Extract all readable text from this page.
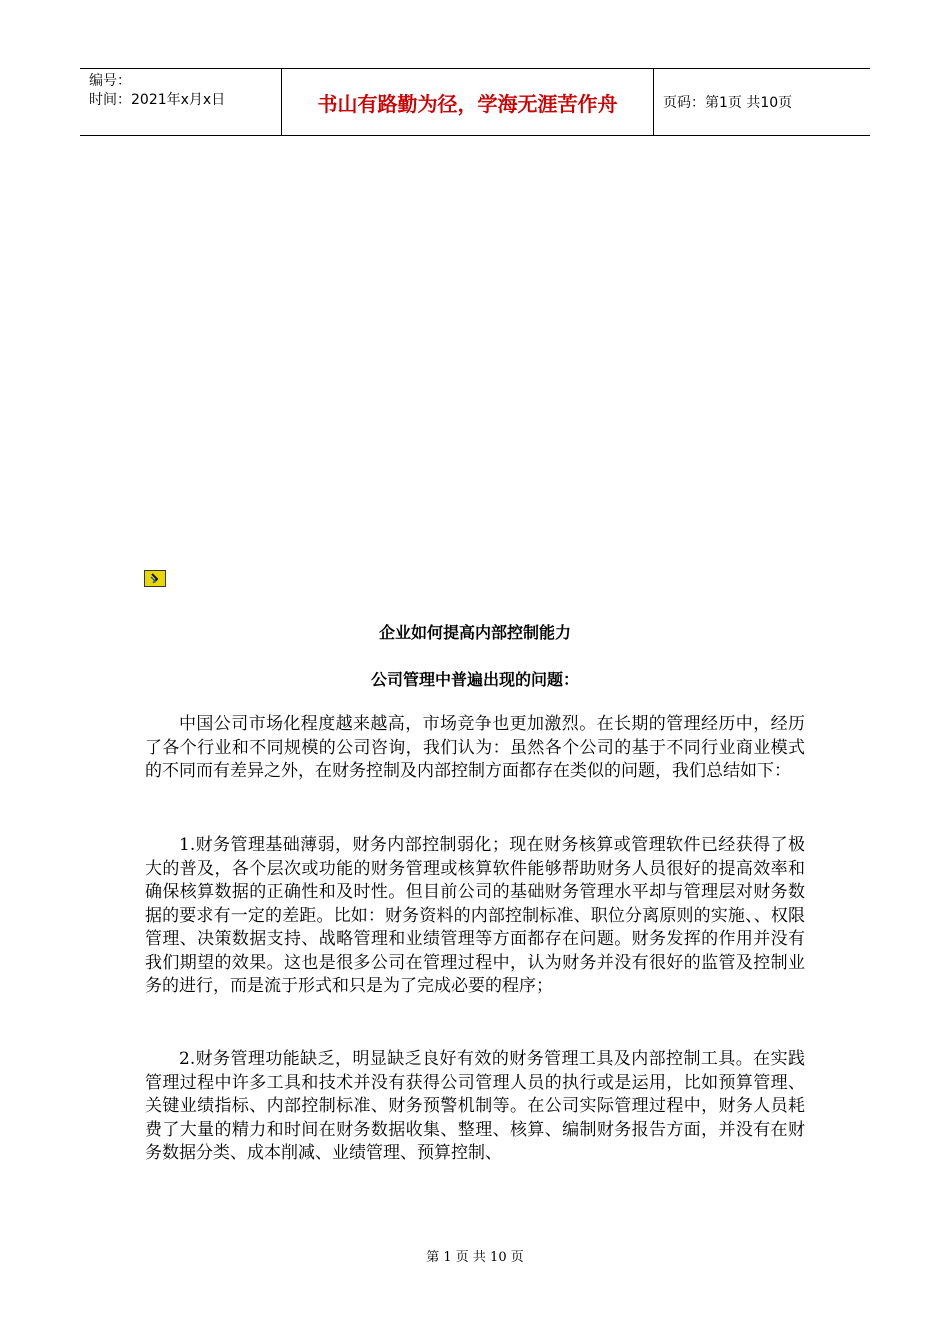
编号：
时间：2021年x月x日	书山有路勤为径，学海无涯苦作舟	页码：第1页 共10页
企业如何提高内部控制能力
公司管理中普遍出现的问题：

中国公司市场化程度越来越高，市场竞争也更加激烈。在长期的管理经历中，经历了各个行业和不同规模的公司咨询，我们认为：虽然各个公司的基于不同行业商业模式的不同而有差异之外，在财务控制及内部控制方面都存在类似的问题，我们总结如下：

1.财务管理基础薄弱，财务内部控制弱化；现在财务核算或管理软件已经获得了极大的普及，各个层次或功能的财务管理或核算软件能够帮助财务人员很好的提高效率和确保核算数据的正确性和及时性。但目前公司的基础财务管理水平却与管理层对财务数据的要求有一定的差距。比如：财务资料的内部控制标准、职位分离原则的实施、、权限管理、决策数据支持、战略管理和业绩管理等方面都存在问题。财务发挥的作用并没有我们期望的效果。这也是很多公司在管理过程中，认为财务并没有很好的监管及控制业务的进行，而是流于形式和只是为了完成必要的程序；

2.财务管理功能缺乏，明显缺乏良好有效的财务管理工具及内部控制工具。在实践管理过程中许多工具和技术并没有获得公司管理人员的执行或是运用，比如预算管理、关键业绩指标、内部控制标准、财务预警机制等。在公司实际管理过程中，财务人员耗费了大量的精力和时间在财务数据收集、整理、核算、编制财务报告方面，并没有在财务数据分类、成本削减、业绩管理、预算控制、

第 1 页 共 10 页
